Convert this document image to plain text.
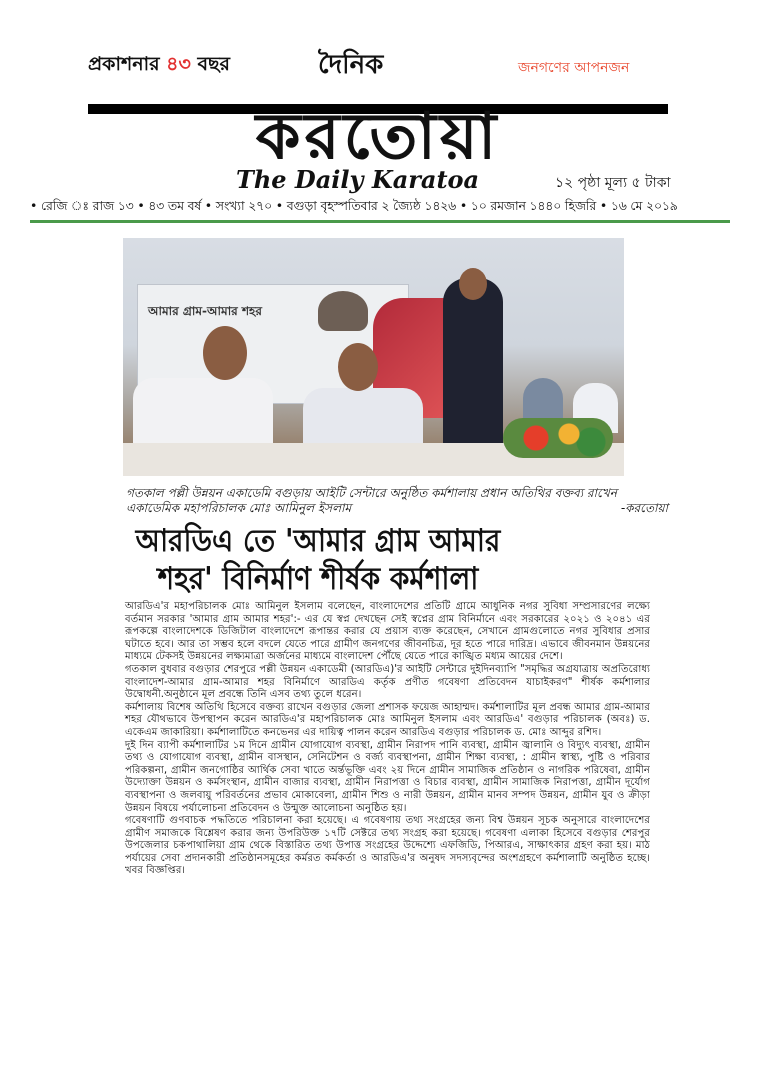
প্রকাশনার ৪৩ বছর	দৈনিক	জনগণের আপনজন
করতোয়া
The Daily Karatoa	১২ পৃষ্ঠা মূল্য ৫ টাকা
• রেজি ঃ রাজ ১৩ • ৪৩ তম বর্ষ • সংখ্যা ২৭০ • বগুড়া বৃহস্পতিবার ২ জ্যৈষ্ঠ ১৪২৬ • ১০ রমজান ১৪৪০ হিজরি • ১৬ মে ২০১৯
আমার গ্রাম-আমার শহর
গতকাল পল্লী উন্নয়ন একাডেমি বগুড়ায় আইটি সেন্টারে অনুষ্ঠিত কর্মশালায় প্রধান অতিথির বক্তব্য রাখেন একাডেমিক মহাপরিচালক মোঃ আমিনুল ইসলাম	-করতোয়া
আরডিএ তে 'আমার গ্রাম আমার
শহর' বিনির্মাণ শীর্ষক কর্মশালা

আরডিএ'র মহাপরিচালক মোঃ আমিনুল ইসলাম বলেছেন, বাংলাদেশের প্রতিটি গ্রামে আধুনিক নগর সুবিধা সম্প্রসারণের লক্ষ্যে বর্তমান সরকার 'আমার গ্রাম আমার শহর':- এর যে স্বপ্ন দেখছেন সেই স্বপ্নের গ্রাম বিনির্মানে এবং সরকারের ২০২১ ও ২০৪১ এর রূপকল্পে বাংলাদেশকে ডিজিটাল বাংলাদেশে রূপান্তর করার যে প্রয়াস ব্যক্ত করেছেন, সেখানে গ্রামগুলোতে নগর সুবিধার প্রসার ঘটাতে হবে। আর তা সম্ভব হলে বদলে যেতে পারে গ্রামীণ জনগণের জীবনচিত্র, দূর হতে পারে দারিদ্র। এভাবে জীবনমান উন্নয়নের মাধ্যমে টেকসই উন্নয়নের লক্ষ্যমাত্রা অর্জনের মাধ্যমে বাংলাদেশ পৌঁছে যেতে পারে কাঙ্খিত মধ্যম আয়ের দেশে।

গতকাল বুধবার বগুড়ার শেরপুরে পল্লী উন্নয়ন একাডেমী (আরডিএ)'র আইটি সেন্টারে দুইদিনব্যাপি "সমৃদ্ধির অগ্রযাত্রায় অপ্রতিরোধ্য বাংলাদেশ-আমার গ্রাম-আমার শহর বিনির্মাণে আরডিএ কর্তৃক প্রণীত গবেষণা প্রতিবেদন যাচাইকরণ" শীর্ষক কর্মশালার উদ্বোধনী.অনুষ্ঠানে মূল প্রবন্ধে তিনি এসব তথ্য তুলে ধরেন।

কর্মশালায় বিশেষ অতিথি হিসেবে বক্তব্য রাখেন বগুড়ার জেলা প্রশাসক ফয়েজ আহাম্মদ। কর্মশালাটির মূল প্রবন্ধ আমার গ্রাম-আমার শহর যৌথভাবে উপস্থাপন করেন আরডিএ'র মহাপরিচালক মোঃ আমিনুল ইসলাম এবং আরডিএ' বগুড়ার পরিচালক (অবঃ) ড. একেএম জাকারিয়া। কর্মশালাটিতে কনভেনর এর দায়িত্ব পালন করেন আরডিএ বগুড়ার পরিচালক ড. মোঃ আব্দুর রশিদ।

দুই দিন ব্যাপী কর্মশালাটির ১ম দিনে গ্রামীন যোগাযোগ ব্যবস্থা, গ্রামীন নিরাপদ পানি ব্যবস্থা, গ্রামীন জ্বালানি ও বিদ্যুৎ ব্যবস্থা, গ্রামীন তথ্য ও যোগাযোগ ব্যবস্থা, গ্রামীন বাসস্থান, সেনিটেশন ও বর্জ্য ব্যবস্থাপনা, গ্রামীন শিক্ষা ব্যবস্থা, : গ্রামীন স্বাস্থ্য, পুষ্টি ও পরিবার পরিকল্পনা, গ্রামীন জনগোষ্ঠির আর্থিক সেবা খাতে অর্ন্তভূক্তি এবং ২য় দিনে গ্রামীন সামাজিক প্রতিষ্ঠান ও নাগরিক পরিষেবা, গ্রামীন উদ্যোক্তা উন্নয়ন ও কর্মসংস্থান, গ্রামীন বাজার ব্যবস্থা, গ্রামীন নিরাপত্তা ও বিচার ব্যবস্থা, গ্রামীন সামাজিক নিরাপত্তা, গ্রামীন দূর্যোগ ব্যবস্থাপনা ও জলবায়ু পরিবর্তনের প্রভাব মোকাবেলা, গ্রামীন শিশু ও নারী উন্নয়ন, গ্রামীন মানব সম্পদ উন্নয়ন, গ্রামীন যুব ও ক্রীড়া উন্নয়ন বিষয়ে পর্যালোচনা প্রতিবেদন ও উন্মুক্ত আলোচনা অনুষ্ঠিত হয়।

গবেষণাটি গুণবাচক পদ্ধতিতে পরিচালনা করা হয়েছে। এ গবেষণায় তথ্য সংগ্রহের জন্য বিশ্ব উন্নয়ন সূচক অনুসারে বাংলাদেশের গ্রামীণ সমাজকে বিশ্লেষণ করার জন্য উপরিউক্ত ১৭টি সেক্টরে তথ্য সংগ্রহ করা হয়েছে। গবেষণা এলাকা হিসেবে বগুড়ার শেরপুর উপজেলার চকপাথালিয়া গ্রাম থেকে বিস্তারিত তথ্য উপাত্ত সংগ্রহের উদ্দেশ্যে এফজিডি, পিআরএ, সাক্ষাৎকার গ্রহণ করা হয়। মাঠ পর্যায়ের সেবা প্রদানকারী প্রতিষ্ঠানসমূহের কর্মরত কর্মকর্তা ও আরডিএ'র অনুষদ সদস্যবৃন্দের অংশগ্রহণে কর্মশালাটি অনুষ্ঠিত হচ্ছে। খবর বিজ্ঞপ্তির।
